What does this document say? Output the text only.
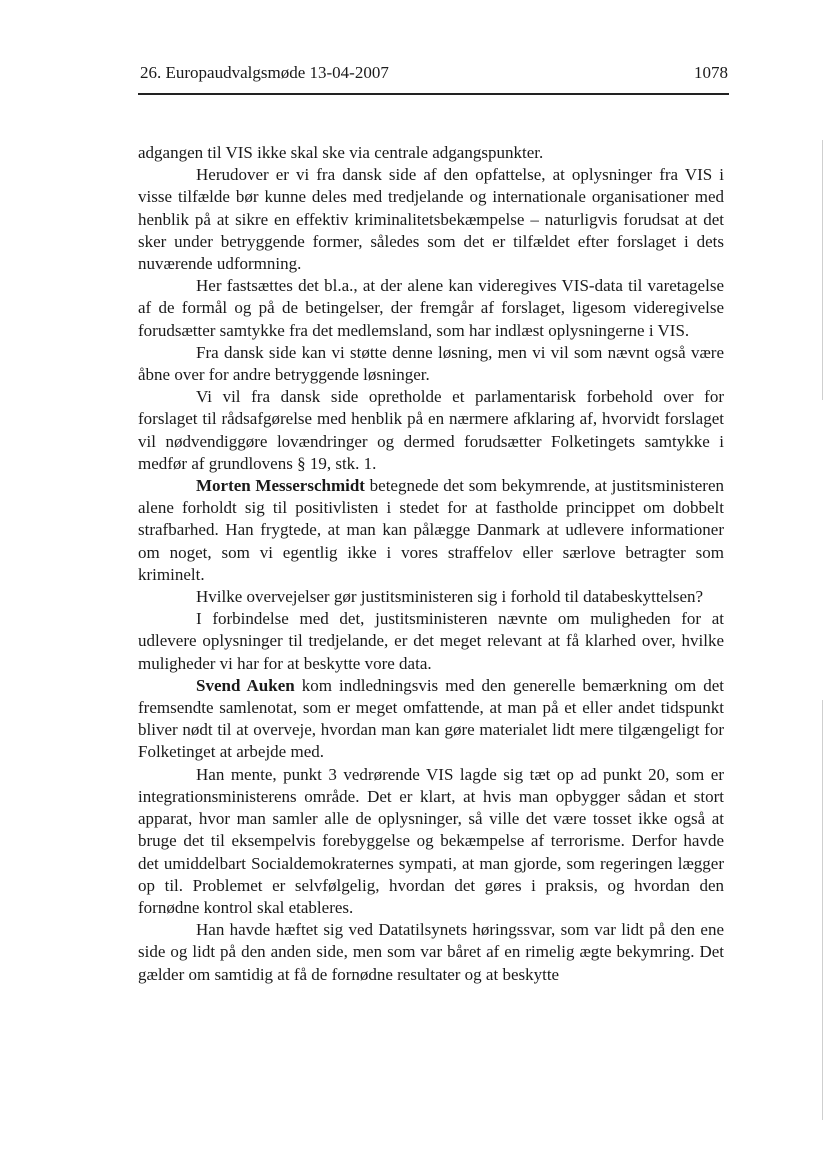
26. Europaudvalgsmøde 13-04-2007	1078

adgangen til VIS ikke skal ske via centrale adgangspunkter.

Herudover er vi fra dansk side af den opfattelse, at oplysninger fra VIS i visse tilfælde bør kunne deles med tredjelande og internationale organisationer med henblik på at sikre en effektiv kriminalitetsbekæmpelse – naturligvis forudsat at det sker under betryggende former, således som det er tilfældet efter forslaget i dets nuværende udformning.

Her fastsættes det bl.a., at der alene kan videregives VIS-data til varetagelse af de formål og på de betingelser, der fremgår af forslaget, ligesom videregivelse forudsætter samtykke fra det medlemsland, som har indlæst oplysningerne i VIS.

Fra dansk side kan vi støtte denne løsning, men vi vil som nævnt også være åbne over for andre betryggende løsninger.

Vi vil fra dansk side opretholde et parlamentarisk forbehold over for forslaget til rådsafgørelse med henblik på en nærmere afklaring af, hvorvidt forslaget vil nødvendiggøre lovændringer og dermed forudsætter Folketingets samtykke i medfør af grundlovens § 19, stk. 1.

Morten Messerschmidt betegnede det som bekymrende, at justitsministeren alene forholdt sig til positivlisten i stedet for at fastholde princippet om dobbelt strafbarhed. Han frygtede, at man kan pålægge Danmark at udlevere informationer om noget, som vi egentlig ikke i vores straffelov eller særlove betragter som kriminelt.

Hvilke overvejelser gør justitsministeren sig i forhold til databeskyttelsen?

I forbindelse med det, justitsministeren nævnte om muligheden for at udlevere oplysninger til tredjelande, er det meget relevant at få klarhed over, hvilke muligheder vi har for at beskytte vore data.

Svend Auken kom indledningsvis med den generelle bemærkning om det fremsendte samlenotat, som er meget omfattende, at man på et eller andet tidspunkt bliver nødt til at overveje, hvordan man kan gøre materialet lidt mere tilgængeligt for Folketinget at arbejde med.

Han mente, punkt 3 vedrørende VIS lagde sig tæt op ad punkt 20, som er integrationsministerens område. Det er klart, at hvis man opbygger sådan et stort apparat, hvor man samler alle de oplysninger, så ville det være tosset ikke også at bruge det til eksempelvis forebyggelse og bekæmpelse af terrorisme. Derfor havde det umiddelbart Socialdemokraternes sympati, at man gjorde, som regeringen lægger op til. Problemet er selvfølgelig, hvordan det gøres i praksis, og hvordan den fornødne kontrol skal etableres.

Han havde hæftet sig ved Datatilsynets høringssvar, som var lidt på den ene side og lidt på den anden side, men som var båret af en rimelig ægte bekymring. Det gælder om samtidig at få de fornødne resultater og at beskytte
